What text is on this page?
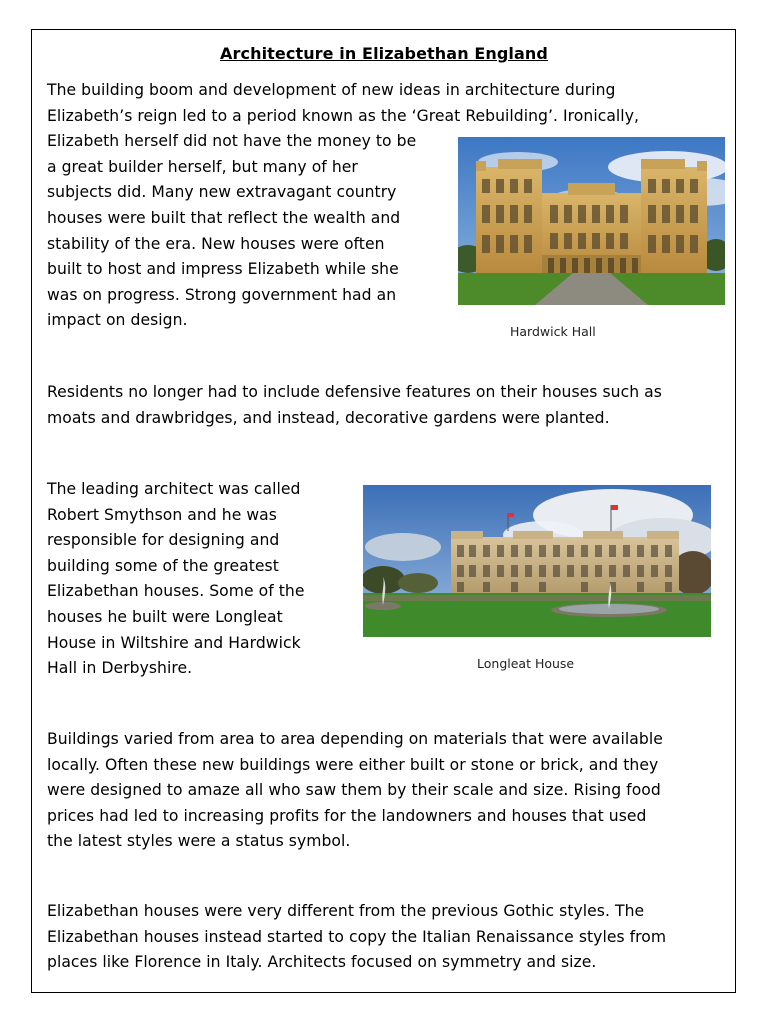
Architecture in Elizabethan England
The building boom and development of new ideas in architecture during
Elizabeth’s reign led to a period known as the ‘Great Rebuilding’. Ironically,
Elizabeth herself did not have the money to be
a great builder herself, but many of her
subjects did. Many new extravagant country
houses were built that reflect the wealth and
stability of the era. New houses were often
built to host and impress Elizabeth while she
was on progress. Strong government had an
impact on design.
Hardwick Hall
Residents no longer had to include defensive features on their houses such as
moats and drawbridges, and instead, decorative gardens were planted.
The leading architect was called
Robert Smythson and he was
responsible for designing and
building some of the greatest
Elizabethan houses. Some of the
houses he built were Longleat
House in Wiltshire and Hardwick
Hall in Derbyshire.	Longleat House
Buildings varied from area to area depending on materials that were available
locally. Often these new buildings were either built or stone or brick, and they
were designed to amaze all who saw them by their scale and size. Rising food
prices had led to increasing profits for the landowners and houses that used
the latest styles were a status symbol.
Elizabethan houses were very different from the previous Gothic styles. The
Elizabethan houses instead started to copy the Italian Renaissance styles from
places like Florence in Italy. Architects focused on symmetry and size.
